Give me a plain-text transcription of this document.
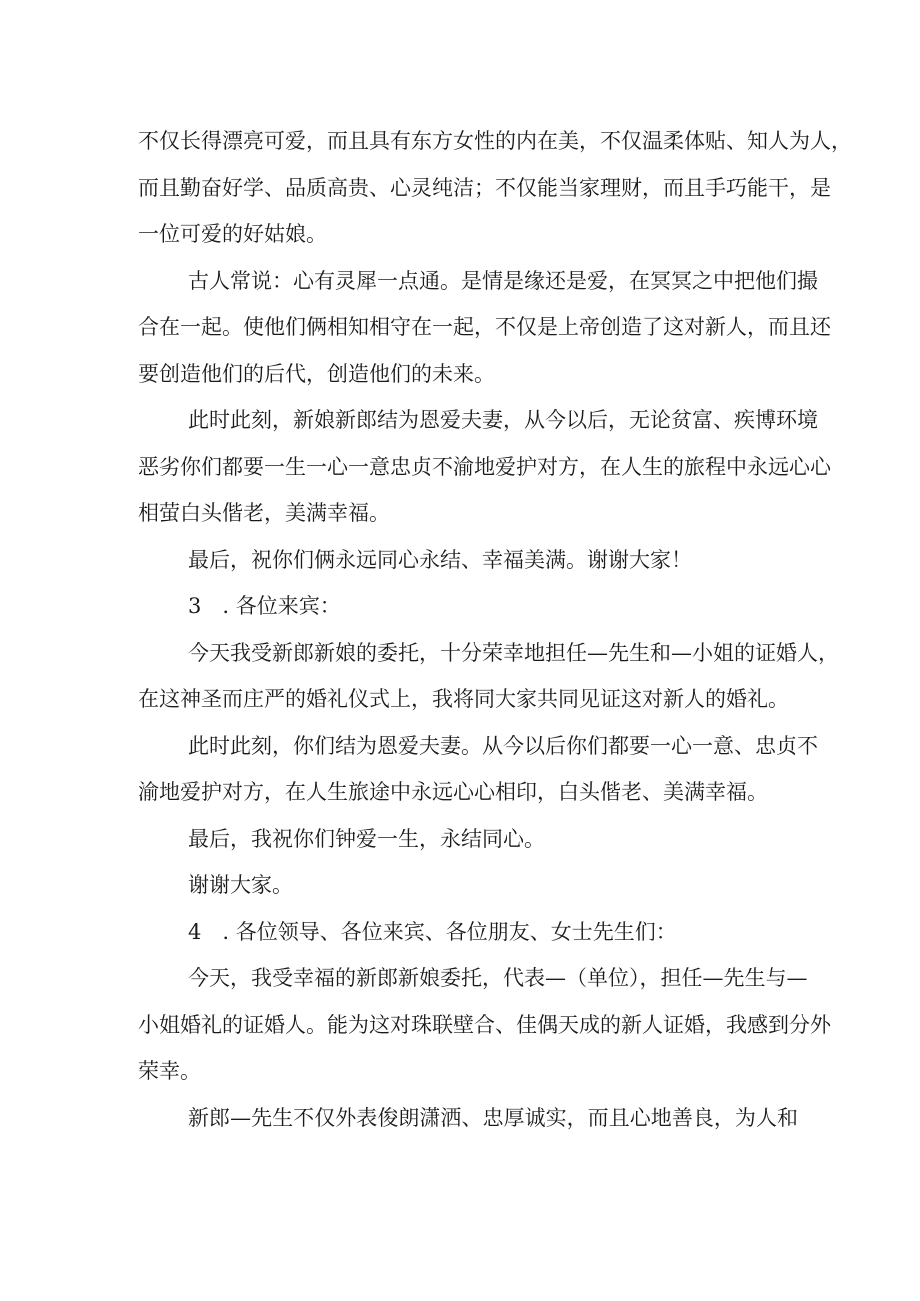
不仅长得漂亮可爱，而且具有东方女性的内在美，不仅温柔体贴、知人为人，
而且勤奋好学、品质高贵、心灵纯洁；不仅能当家理财，而且手巧能干，是
一位可爱的好姑娘。
古人常说：心有灵犀一点通。是情是缘还是爱，在冥冥之中把他们撮
合在一起。使他们俩相知相守在一起，不仅是上帝创造了这对新人，而且还
要创造他们的后代，创造他们的未来。
此时此刻，新娘新郎结为恩爱夫妻，从今以后，无论贫富、疾博环境
恶劣你们都要一生一心一意忠贞不渝地爱护对方，在人生的旅程中永远心心
相萤白头偕老，美满幸福。
最后，祝你们俩永远同心永结、幸福美满。谢谢大家！
3　. 各位来宾：
今天我受新郎新娘的委托，十分荣幸地担任—先生和—小姐的证婚人，
在这神圣而庄严的婚礼仪式上，我将同大家共同见证这对新人的婚礼。
此时此刻，你们结为恩爱夫妻。从今以后你们都要一心一意、忠贞不
渝地爱护对方，在人生旅途中永远心心相印，白头偕老、美满幸福。
最后，我祝你们钟爱一生，永结同心。
谢谢大家。
4　. 各位领导、各位来宾、各位朋友、女士先生们：
今天，我受幸福的新郎新娘委托，代表—（单位），担任—先生与—
小姐婚礼的证婚人。能为这对珠联壁合、佳偶天成的新人证婚，我感到分外
荣幸。
新郎—先生不仅外表俊朗潇洒、忠厚诚实，而且心地善良，为人和
